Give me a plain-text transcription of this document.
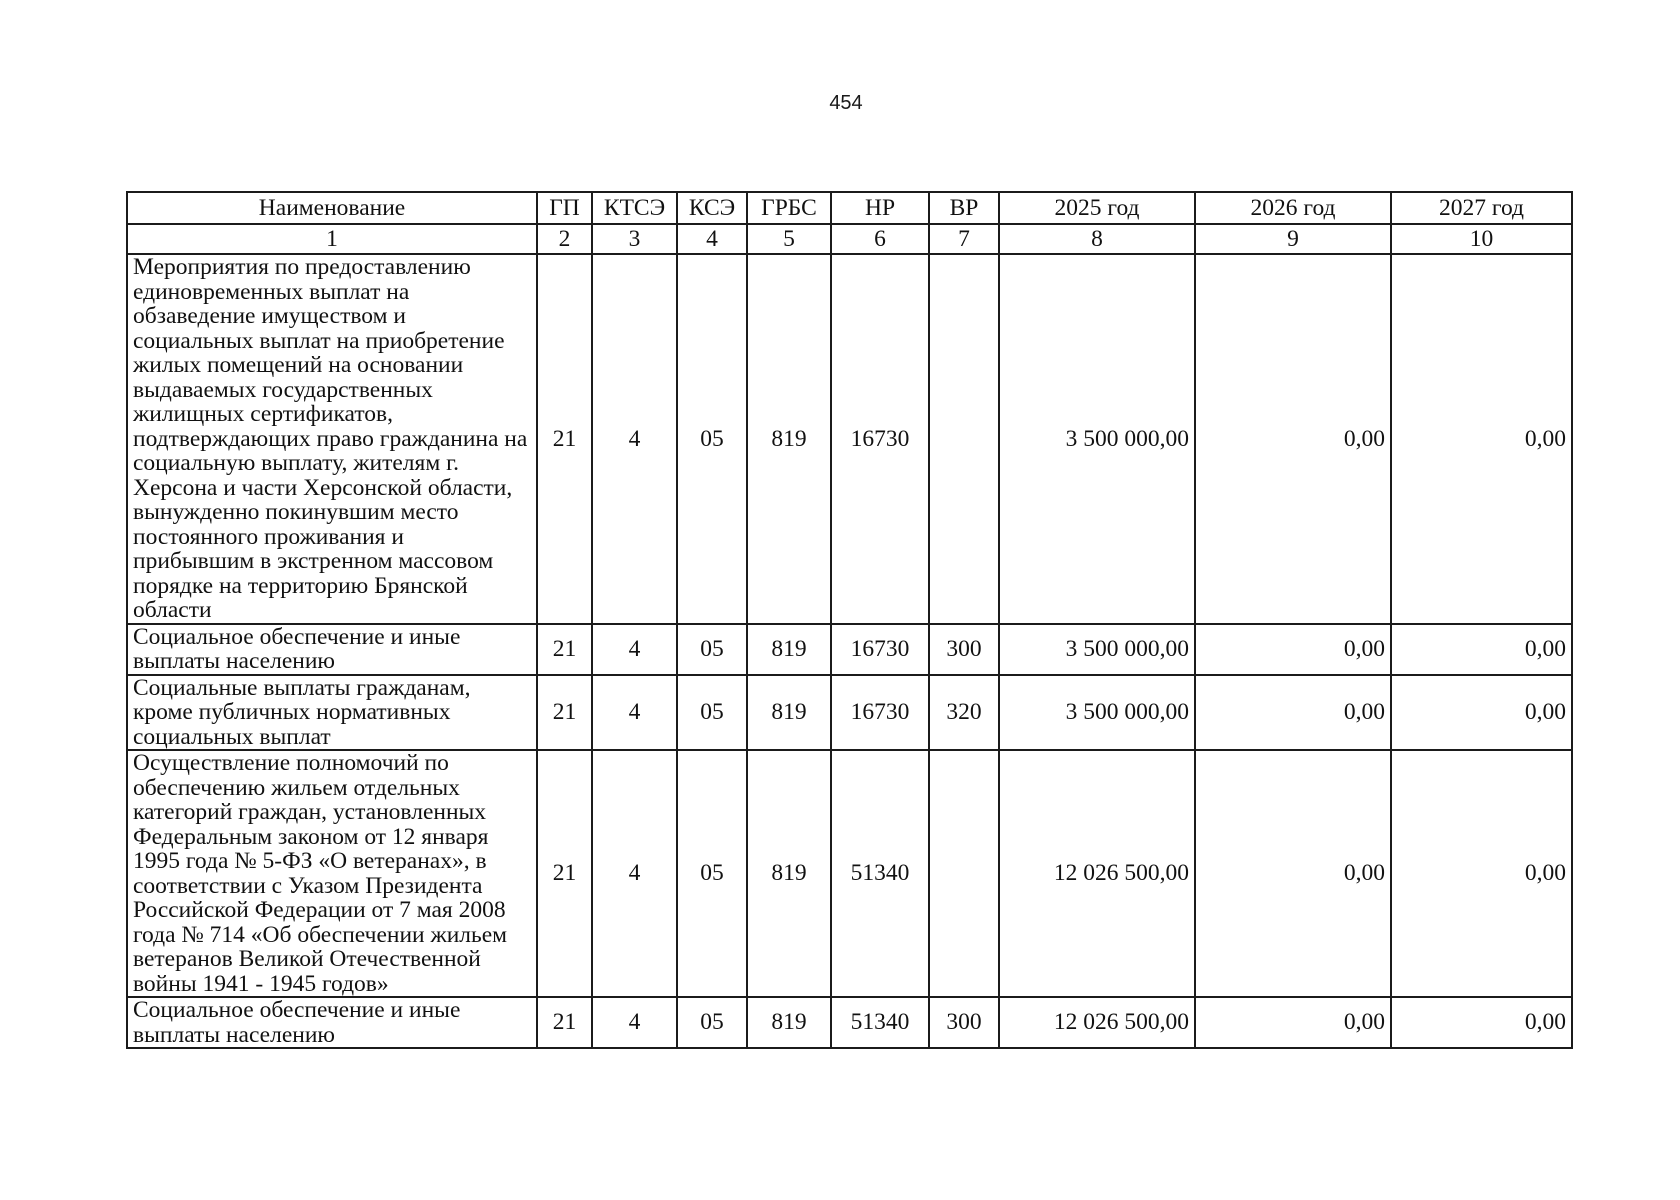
454
Наименование	ГП	КТСЭ	КСЭ	ГРБС	НР	ВР	2025 год	2026 год	2027 год
1	2	3	4	5	6	7	8	9	10
Мероприятия по предоставлению единовременных выплат на обзаведение имуществом и социальных выплат на приобретение жилых помещений на основании выдаваемых государственных жилищных сертификатов, подтверждающих право гражданина на социальную выплату, жителям г. Херсона и части Херсонской области, вынужденно покинувшим место постоянного проживания и прибывшим в экстренном массовом порядке на территорию Брянской области	21	4	05	819	16730		3 500 000,00	0,00	0,00
Социальное обеспечение и иные выплаты населению	21	4	05	819	16730	300	3 500 000,00	0,00	0,00
Социальные выплаты гражданам, кроме публичных нормативных социальных выплат	21	4	05	819	16730	320	3 500 000,00	0,00	0,00
Осуществление полномочий по обеспечению жильем отдельных категорий граждан, установленных Федеральным законом от 12 января 1995 года № 5-ФЗ «О ветеранах», в соответствии с Указом Президента Российской Федерации от 7 мая 2008 года № 714 «Об обеспечении жильем ветеранов Великой Отечественной войны 1941 - 1945 годов»	21	4	05	819	51340		12 026 500,00	0,00	0,00
Социальное обеспечение и иные выплаты населению	21	4	05	819	51340	300	12 026 500,00	0,00	0,00
